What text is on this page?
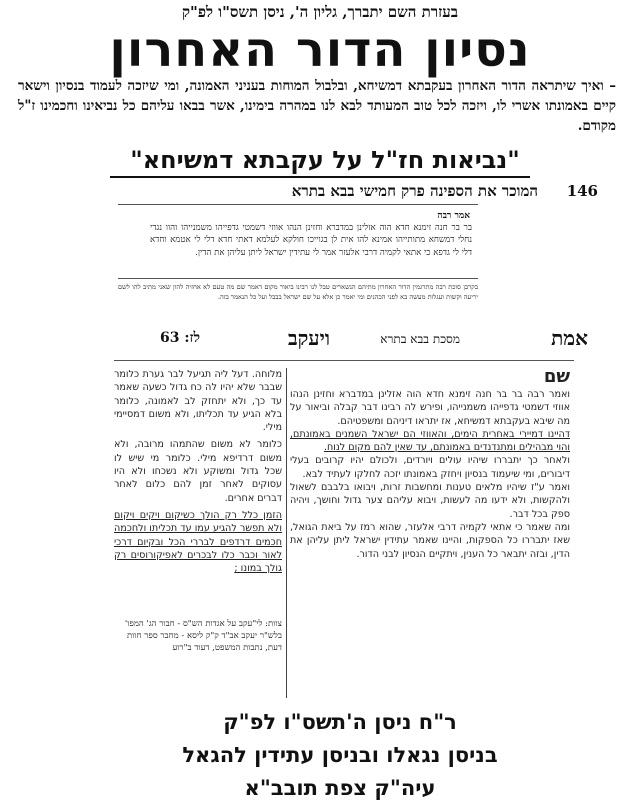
בעזרת השם יתברך, גליון ה', ניסן תשס"ו לפ"ק
נסיון הדור האחרון
– ואיך שיתראה הדור האחרון בעקבתא דמשיחא, ובלבול המוחות בעניני האמונה, ומי שיזכה לעמוד בנסיון וישאר קיים באמונתו אשרי לו, ויזכה לכל טוב המעותד לבא לנו במהרה בימינו, אשר בבאו עליהם כל נביאינו וחכמינו ז"ל מקודם.
"נביאות חז"ל על עקבתא דמשיחא"
146
המוכר את הספינה פרק חמישי בבא בתרא
אמר רבה
בר בר חנה זימנא חדא הוה אזלינן במדברא וחזינן הנהו אווזי דשמטי גדפייהו משמנייהו והוו נגדי נחלי דמשחא מתותייהו אמינא להו אית לן בגוייכו חולקא לעלמא דאתי חדא דלי לי אטמא וחדא דלי לי גדפא כי אתאי לקמיה דרבי אלעזר אמר לי עתידין ישראל ליתן עליהן את הדין.
בקרבן סוכת רבה מתרגמין הדור האחרון מתיהם הנשארים טבל לנו רבינו ביאור מקום דאמר שם מה טעם לא אחזיה להון שאני מתיב להו לשם יריעה וקשות ועגלות מעשה בא לפני הכהנים ומי יאמר כן אלא על שם ישראל בבבל ועל כל הנאמר בזה.
אמת
מסכת בבא בתרא
ויעקב
לז: 63
שם
ואמר רבה בר בר חנה זימנא חדא הוה אזלינן במדברא וחזינן הנהו אווזי דשמטי גדפייהו משמנייהו, ופירש לה רבינו דבר קבלה וביאור על מה שיבא בעקבתא דמשיחא, אז יתראו דיניהם ומשפטיהם.
דהיינו דמיירי באחרית הימים, והאווזי הם ישראל השמנים באמונתם, והוי מבהילים ומתנדנדים באמונתם, עד שאין להם מקום לנוח.
ולאחר כך יתבררו שיהיו עולים ויורדים, ולכולם יהיו קרובים בעלי דיבורים, ומי שיעמוד בנסיון ויחזק באמונתו יזכה לחלקו לעתיד לבא.
ואמר ע"ז שיהיו מלאים טענות ומחשבות זרות, ויבואו בלבבם לשאול ולהקשות, ולא ידעו מה לעשות, ויבוא עליהם צער גדול וחושך, ויהיה ספק בכל דבר.
ומה שאמר כי אתאי לקמיה דרבי אלעזר, שהוא רמז על ביאת הגואל, שאז יתבררו כל הספקות, והיינו שאמר עתידין ישראל ליתן עליהן את הדין, ובזה יתבאר כל הענין, ויתקיים הנסיון לבני הדור.
מלוחה. דעל ליה תגיעל לבר גערת כלומר שבבר שלא יהיו לה כח גדול כשעה שאמר עד כך, ולא יתחזק לב לאמונה, כלומר בלא הגיע עד תכליתו, ולא משום דמסיימי מילי.
כלומר לא משום שהתמהו מרובה, ולא משום דרדיפא מילי. כלומר מי שיש לו שכל גדול ומשוקע ולא נשכחו ולא היו עסוקים לאחר זמן להם כלום לאחר דברים אחרים.
הזמן כלל רק הולך כשיקום ויקים ויקום ולא תפשר להגיע עמו עד תכליתו ולחכמה חכמים דרדפים לבררי הכל ובקיום דרכי לאור וכבר כלו לבכרים לאפיקורוסים רק גולך במונו ;
צוות: לי"עקב על אגדות הש"ס - חבור הג' המפו' בלש"ר יעקב אב"ד ק"ק ליסא - מחבר ספר חוות דעת, נתבות המשפט, דעוד ב"רוע
ר"ח ניסן ה'תשס"ו לפ"ק
בניסן נגאלו ובניסן עתידין להגאל
עיה"ק צפת תובב"א
